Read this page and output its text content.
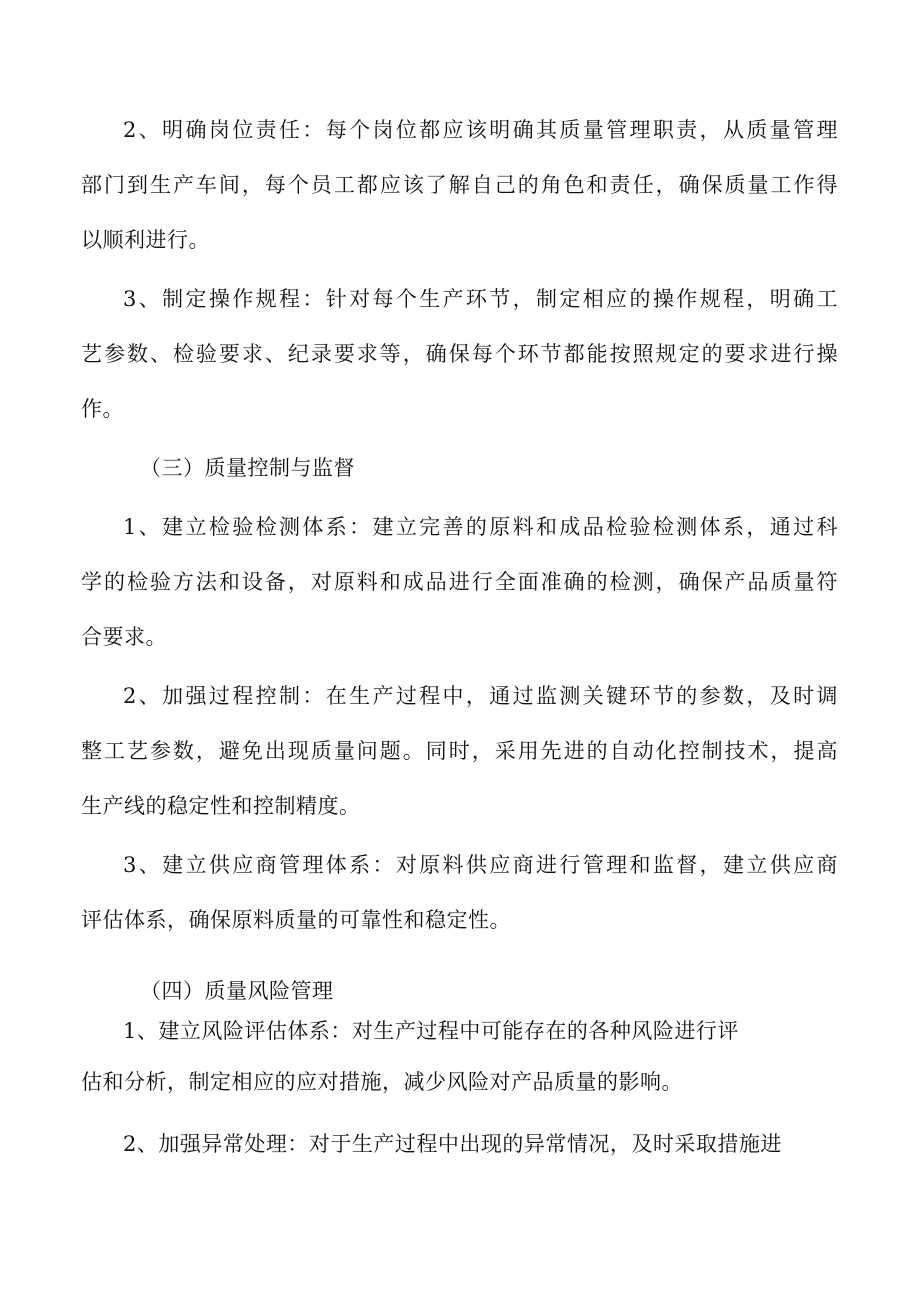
2、明确岗位责任：每个岗位都应该明确其质量管理职责，从质量管理
部门到生产车间，每个员工都应该了解自己的角色和责任，确保质量工作得
以顺利进行。
3、制定操作规程：针对每个生产环节，制定相应的操作规程，明确工
艺参数、检验要求、纪录要求等，确保每个环节都能按照规定的要求进行操
作。
（三）质量控制与监督
1、建立检验检测体系：建立完善的原料和成品检验检测体系，通过科
学的检验方法和设备，对原料和成品进行全面准确的检测，确保产品质量符
合要求。
2、加强过程控制：在生产过程中，通过监测关键环节的参数，及时调
整工艺参数，避免出现质量问题。同时，采用先进的自动化控制技术，提高
生产线的稳定性和控制精度。
3、建立供应商管理体系：对原料供应商进行管理和监督，建立供应商
评估体系，确保原料质量的可靠性和稳定性。
（四）质量风险管理
1、建立风险评估体系：对生产过程中可能存在的各种风险进行评
估和分析，制定相应的应对措施，减少风险对产品质量的影响。
2、加强异常处理：对于生产过程中出现的异常情况，及时采取措施进
